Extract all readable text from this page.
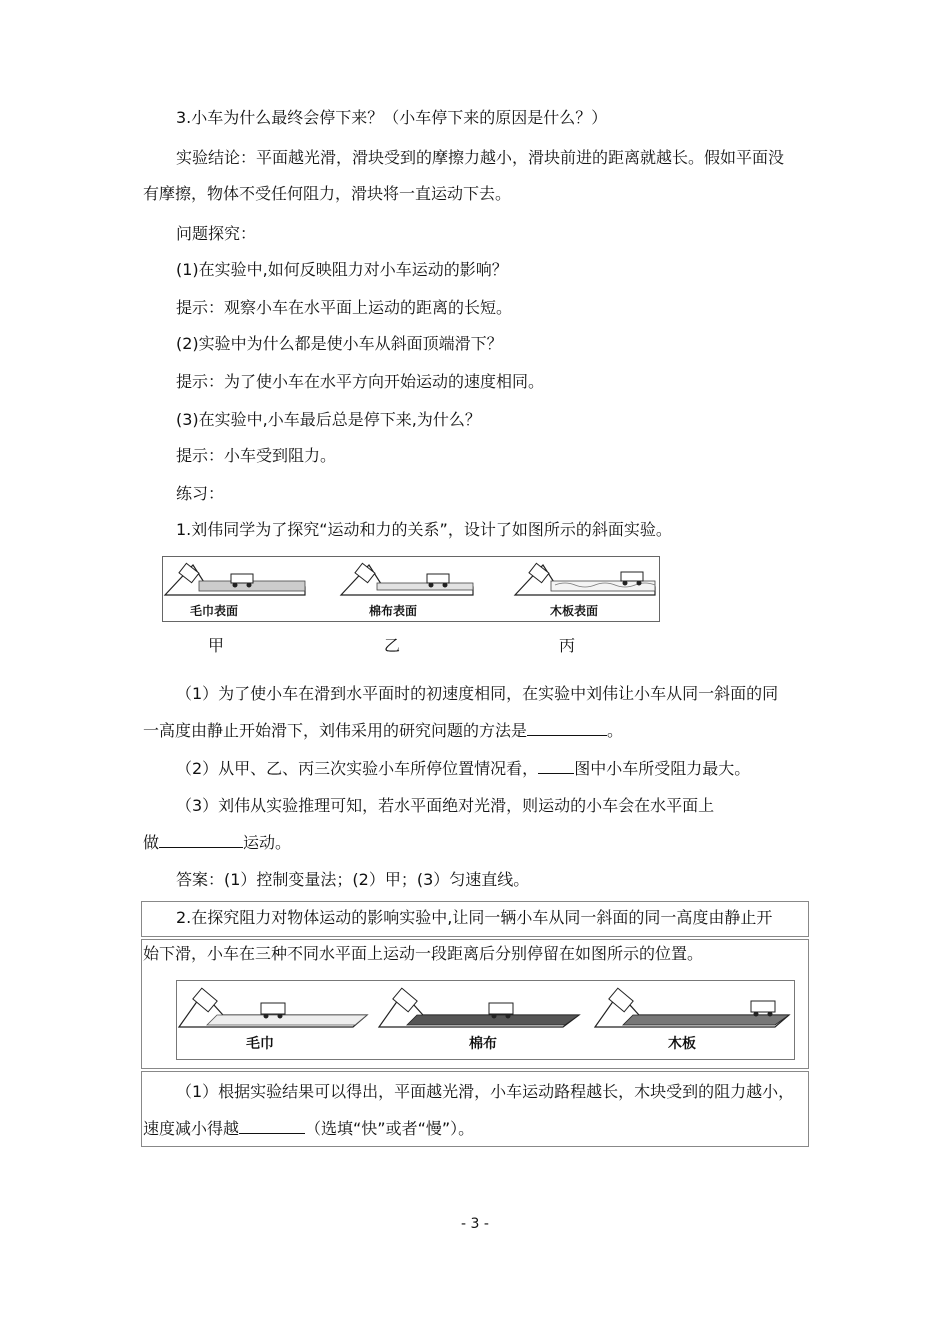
3.小车为什么最终会停下来？（小车停下来的原因是什么？）
实验结论：平面越光滑，滑块受到的摩擦力越小，滑块前进的距离就越长。假如平面没
有摩擦，物体不受任何阻力，滑块将一直运动下去。
问题探究：
(1)在实验中,如何反映阻力对小车运动的影响？
提示：观察小车在水平面上运动的距离的长短。
(2)实验中为什么都是使小车从斜面顶端滑下？
提示：为了使小车在水平方向开始运动的速度相同。
(3)在实验中,小车最后总是停下来,为什么？
提示：小车受到阻力。
练习：
1.刘伟同学为了探究“运动和力的关系”，设计了如图所示的斜面实验。
毛巾表面	棉布表面	木板表面
甲	乙	丙
（1）为了使小车在滑到水平面时的初速度相同，在实验中刘伟让小车从同一斜面的同
一高度由静止开始滑下，刘伟采用的研究问题的方法是	。
（2）从甲、乙、丙三次实验小车所停位置情况看， 图中小车所受阻力最大。
（3）刘伟从实验推理可知，若水平面绝对光滑，则运动的小车会在水平面上
做	运动。
答案：(1）控制变量法；(2）甲；(3）匀速直线。
2.在探究阻力对物体运动的影响实验中,让同一辆小车从同一斜面的同一高度由静止开
始下滑，小车在三种不同水平面上运动一段距离后分别停留在如图所示的位置。
毛巾	棉布	木板
（1）根据实验结果可以得出，平面越光滑，小车运动路程越长，木块受到的阻力越小，
速度减小得越	（选填“快”或者“慢”）。
- 3 -
